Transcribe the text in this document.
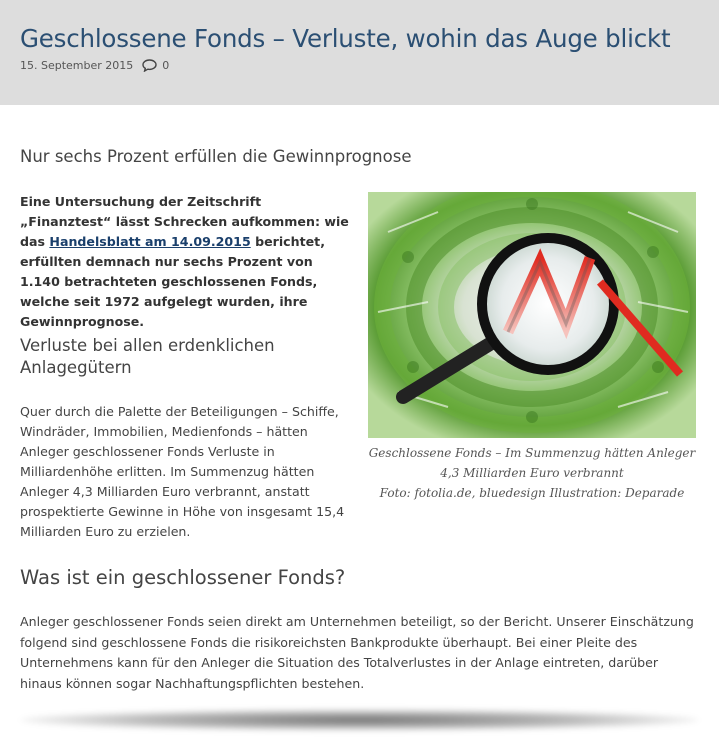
Geschlossene Fonds – Verluste, wohin das Auge blickt
15. September 2015	0
Nur sechs Prozent erfüllen die Gewinnprognose

Eine Untersuchung der Zeitschrift „Finanztest“ lässt Schrecken aufkommen: wie das Handelsblatt am 14.09.2015 berichtet, erfüllten demnach nur sechs Prozent von 1.140 betrachteten geschlossenen Fonds, welche seit 1972 aufgelegt wurden, ihre Gewinnprognose.

Verluste bei allen erdenklichen Anlagegütern

Quer durch die Palette der Beteiligungen – Schiffe, Windräder, Immobilien, Medienfonds – hätten Anleger geschlossener Fonds Verluste in Milliardenhöhe erlitten. Im Summenzug hätten Anleger 4,3 Milliarden Euro verbrannt, anstatt prospektierte Gewinne in Höhe von insgesamt 15,4 Milliarden Euro zu erzielen.

Geschlossene Fonds – Im Summenzug hätten Anleger 4,3 Milliarden Euro verbrannt
Foto: fotolia.de, bluedesign Illustration: Deparade
Was ist ein geschlossener Fonds?

Anleger geschlossener Fonds seien direkt am Unternehmen beteiligt, so der Bericht. Unserer Einschätzung folgend sind geschlossene Fonds die risikoreichsten Bankprodukte überhaupt. Bei einer Pleite des Unternehmens kann für den Anleger die Situation des Totalverlustes in der Anlage eintreten, darüber hinaus können sogar Nachhaftungspflichten bestehen.
